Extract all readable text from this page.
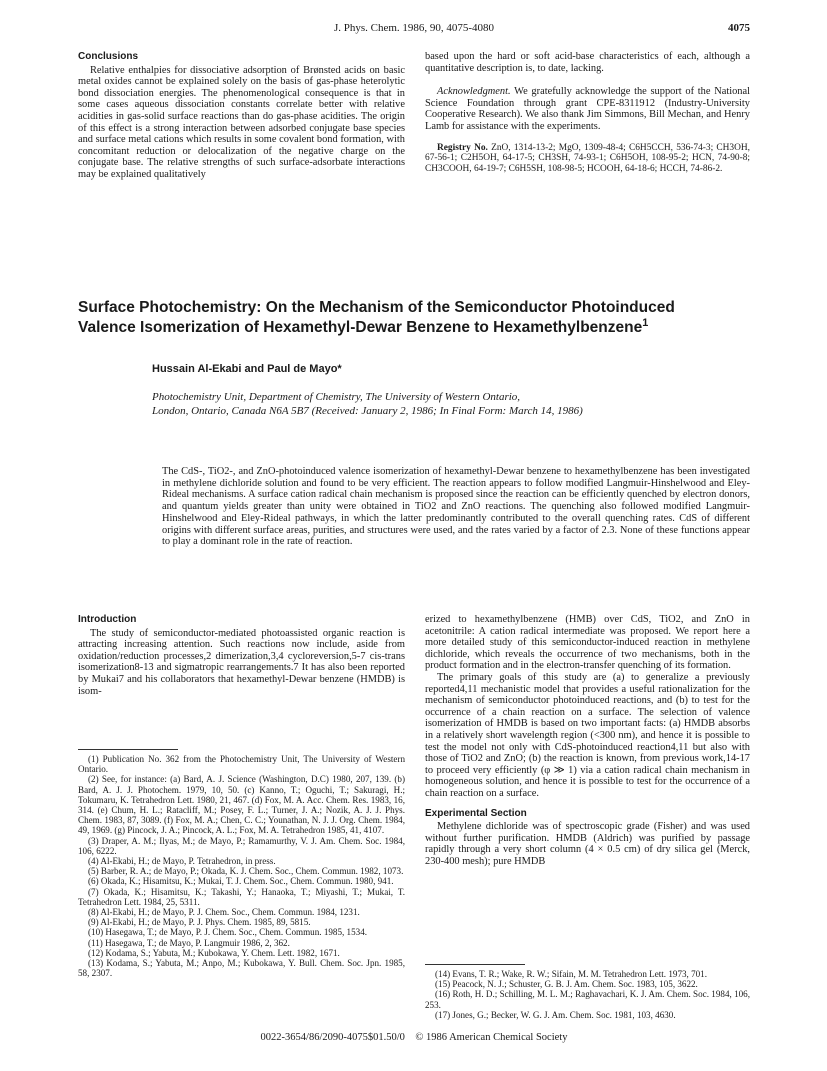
J. Phys. Chem. 1986, 90, 4075-4080	4075

Conclusions

Relative enthalpies for dissociative adsorption of Brønsted acids on basic metal oxides cannot be explained solely on the basis of gas-phase heterolytic bond dissociation energies. The phenomenological consequence is that in some cases aqueous dissociation constants correlate better with relative acidities in gas-solid surface reactions than do gas-phase acidities. The origin of this effect is a strong interaction between adsorbed conjugate base species and surface metal cations which results in some covalent bond formation, with concomitant reduction or delocalization of the negative charge on the conjugate base. The relative strengths of such surface-adsorbate interactions may be explained qualitatively

based upon the hard or soft acid-base characteristics of each, although a quantitative description is, to date, lacking.

Acknowledgment. We gratefully acknowledge the support of the National Science Foundation through grant CPE-8311912 (Industry-University Cooperative Research). We also thank Jim Simmons, Bill Mechan, and Henry Lamb for assistance with the experiments.

Registry No. ZnO, 1314-13-2; MgO, 1309-48-4; C6H5CCH, 536-74-3; CH3OH, 67-56-1; C2H5OH, 64-17-5; CH3SH, 74-93-1; C6H5OH, 108-95-2; HCN, 74-90-8; CH3COOH, 64-19-7; C6H5SH, 108-98-5; HCOOH, 64-18-6; HCCH, 74-86-2.

Surface Photochemistry: On the Mechanism of the Semiconductor Photoinduced
Valence Isomerization of Hexamethyl-Dewar Benzene to Hexamethylbenzene$^1$
Hussain Al-Ekabi and Paul de Mayo*
Photochemistry Unit, Department of Chemistry, The University of Western Ontario,
London, Ontario, Canada N6A 5B7 (Received: January 2, 1986; In Final Form: March 14, 1986)
The CdS-, TiO2-, and ZnO-photoinduced valence isomerization of hexamethyl-Dewar benzene to hexamethylbenzene has been investigated in methylene dichloride solution and found to be very efficient. The reaction appears to follow modified Langmuir-Hinshelwood and Eley-Rideal mechanisms. A surface cation radical chain mechanism is proposed since the reaction can be efficiently quenched by electron donors, and quantum yields greater than unity were obtained in TiO2 and ZnO reactions. The quenching also followed modified Langmuir-Hinshelwood and Eley-Rideal pathways, in which the latter predominantly contributed to the overall quenching rates. CdS of different origins with different surface areas, purities, and structures were used, and the rates varied by a factor of 2.3. None of these functions appear to play a dominant role in the rate of reaction.

Introduction

The study of semiconductor-mediated photoassisted organic reaction is attracting increasing attention. Such reactions now include, aside from oxidation/reduction processes,2 dimerization,3,4 cycloreversion,5-7 cis-trans isomerization8-13 and sigmatropic rearrangements.7 It has also been reported by Mukai7 and his collaborators that hexamethyl-Dewar benzene (HMDB) is isom-

(1) Publication No. 362 from the Photochemistry Unit, The University of Western Ontario.

(2) See, for instance: (a) Bard, A. J. Science (Washington, D.C) 1980, 207, 139. (b) Bard, A. J. J. Photochem. 1979, 10, 50. (c) Kanno, T.; Oguchi, T.; Sakuragi, H.; Tokumaru, K. Tetrahedron Lett. 1980, 21, 467. (d) Fox, M. A. Acc. Chem. Res. 1983, 16, 314. (e) Chum, H. L.; Ratacliff, M.; Posey, F. L.; Turner, J. A.; Nozik, A. J. J. Phys. Chem. 1983, 87, 3089. (f) Fox, M. A.; Chen, C. C.; Younathan, N. J. J. Org. Chem. 1984, 49, 1969. (g) Pincock, J. A.; Pincock, A. L.; Fox, M. A. Tetrahedron 1985, 41, 4107.

(3) Draper, A. M.; Ilyas, M.; de Mayo, P.; Ramamurthy, V. J. Am. Chem. Soc. 1984, 106, 6222.

(4) Al-Ekabi, H.; de Mayo, P. Tetrahedron, in press.

(5) Barber, R. A.; de Mayo, P.; Okada, K. J. Chem. Soc., Chem. Commun. 1982, 1073.

(6) Okada, K.; Hisamitsu, K.; Mukai, T. J. Chem. Soc., Chem. Commun. 1980, 941.

(7) Okada, K.; Hisamitsu, K.; Takashi, Y.; Hanaoka, T.; Miyashi, T.; Mukai, T. Tetrahedron Lett. 1984, 25, 5311.

(8) Al-Ekabi, H.; de Mayo, P. J. Chem. Soc., Chem. Commun. 1984, 1231.

(9) Al-Ekabi, H.; de Mayo, P. J. Phys. Chem. 1985, 89, 5815.

(10) Hasegawa, T.; de Mayo, P. J. Chem. Soc., Chem. Commun. 1985, 1534.

(11) Hasegawa, T.; de Mayo, P. Langmuir 1986, 2, 362.

(12) Kodama, S.; Yabuta, M.; Kubokawa, Y. Chem. Lett. 1982, 1671.

(13) Kodama, S.; Yabuta, M.; Anpo, M.; Kubokawa, Y. Bull. Chem. Soc. Jpn. 1985, 58, 2307.

erized to hexamethylbenzene (HMB) over CdS, TiO2, and ZnO in acetonitrile: A cation radical intermediate was proposed. We report here a more detailed study of this semiconductor-induced reaction in methylene dichloride, which reveals the occurrence of two mechanisms, both in the product formation and in the electron-transfer quenching of its formation.

The primary goals of this study are (a) to generalize a previously reported4,11 mechanistic model that provides a useful rationalization for the mechanism of semiconductor photoinduced reactions, and (b) to test for the occurrence of a chain reaction on a surface. The selection of valence isomerization of HMDB is based on two important facts: (a) HMDB absorbs in a relatively short wavelength region (<300 nm), and hence it is possible to test the model not only with CdS-photoinduced reaction4,11 but also with those of TiO2 and ZnO; (b) the reaction is known, from previous work,14-17 to proceed very efficiently (φ ≫ 1) via a cation radical chain mechanism in homogeneous solution, and hence it is possible to test for the occurrence of a chain reaction on a surface.

Experimental Section

Methylene dichloride was of spectroscopic grade (Fisher) and was used without further purification. HMDB (Aldrich) was purified by passage rapidly through a very short column (4 × 0.5 cm) of dry silica gel (Merck, 230-400 mesh); pure HMDB

(14) Evans, T. R.; Wake, R. W.; Sifain, M. M. Tetrahedron Lett. 1973, 701.

(15) Peacock, N. J.; Schuster, G. B. J. Am. Chem. Soc. 1983, 105, 3622.

(16) Roth, H. D.; Schilling, M. L. M.; Raghavachari, K. J. Am. Chem. Soc. 1984, 106, 253.

(17) Jones, G.; Becker, W. G. J. Am. Chem. Soc. 1981, 103, 4630.

0022-3654/86/2090-4075$01.50/0 © 1986 American Chemical Society
